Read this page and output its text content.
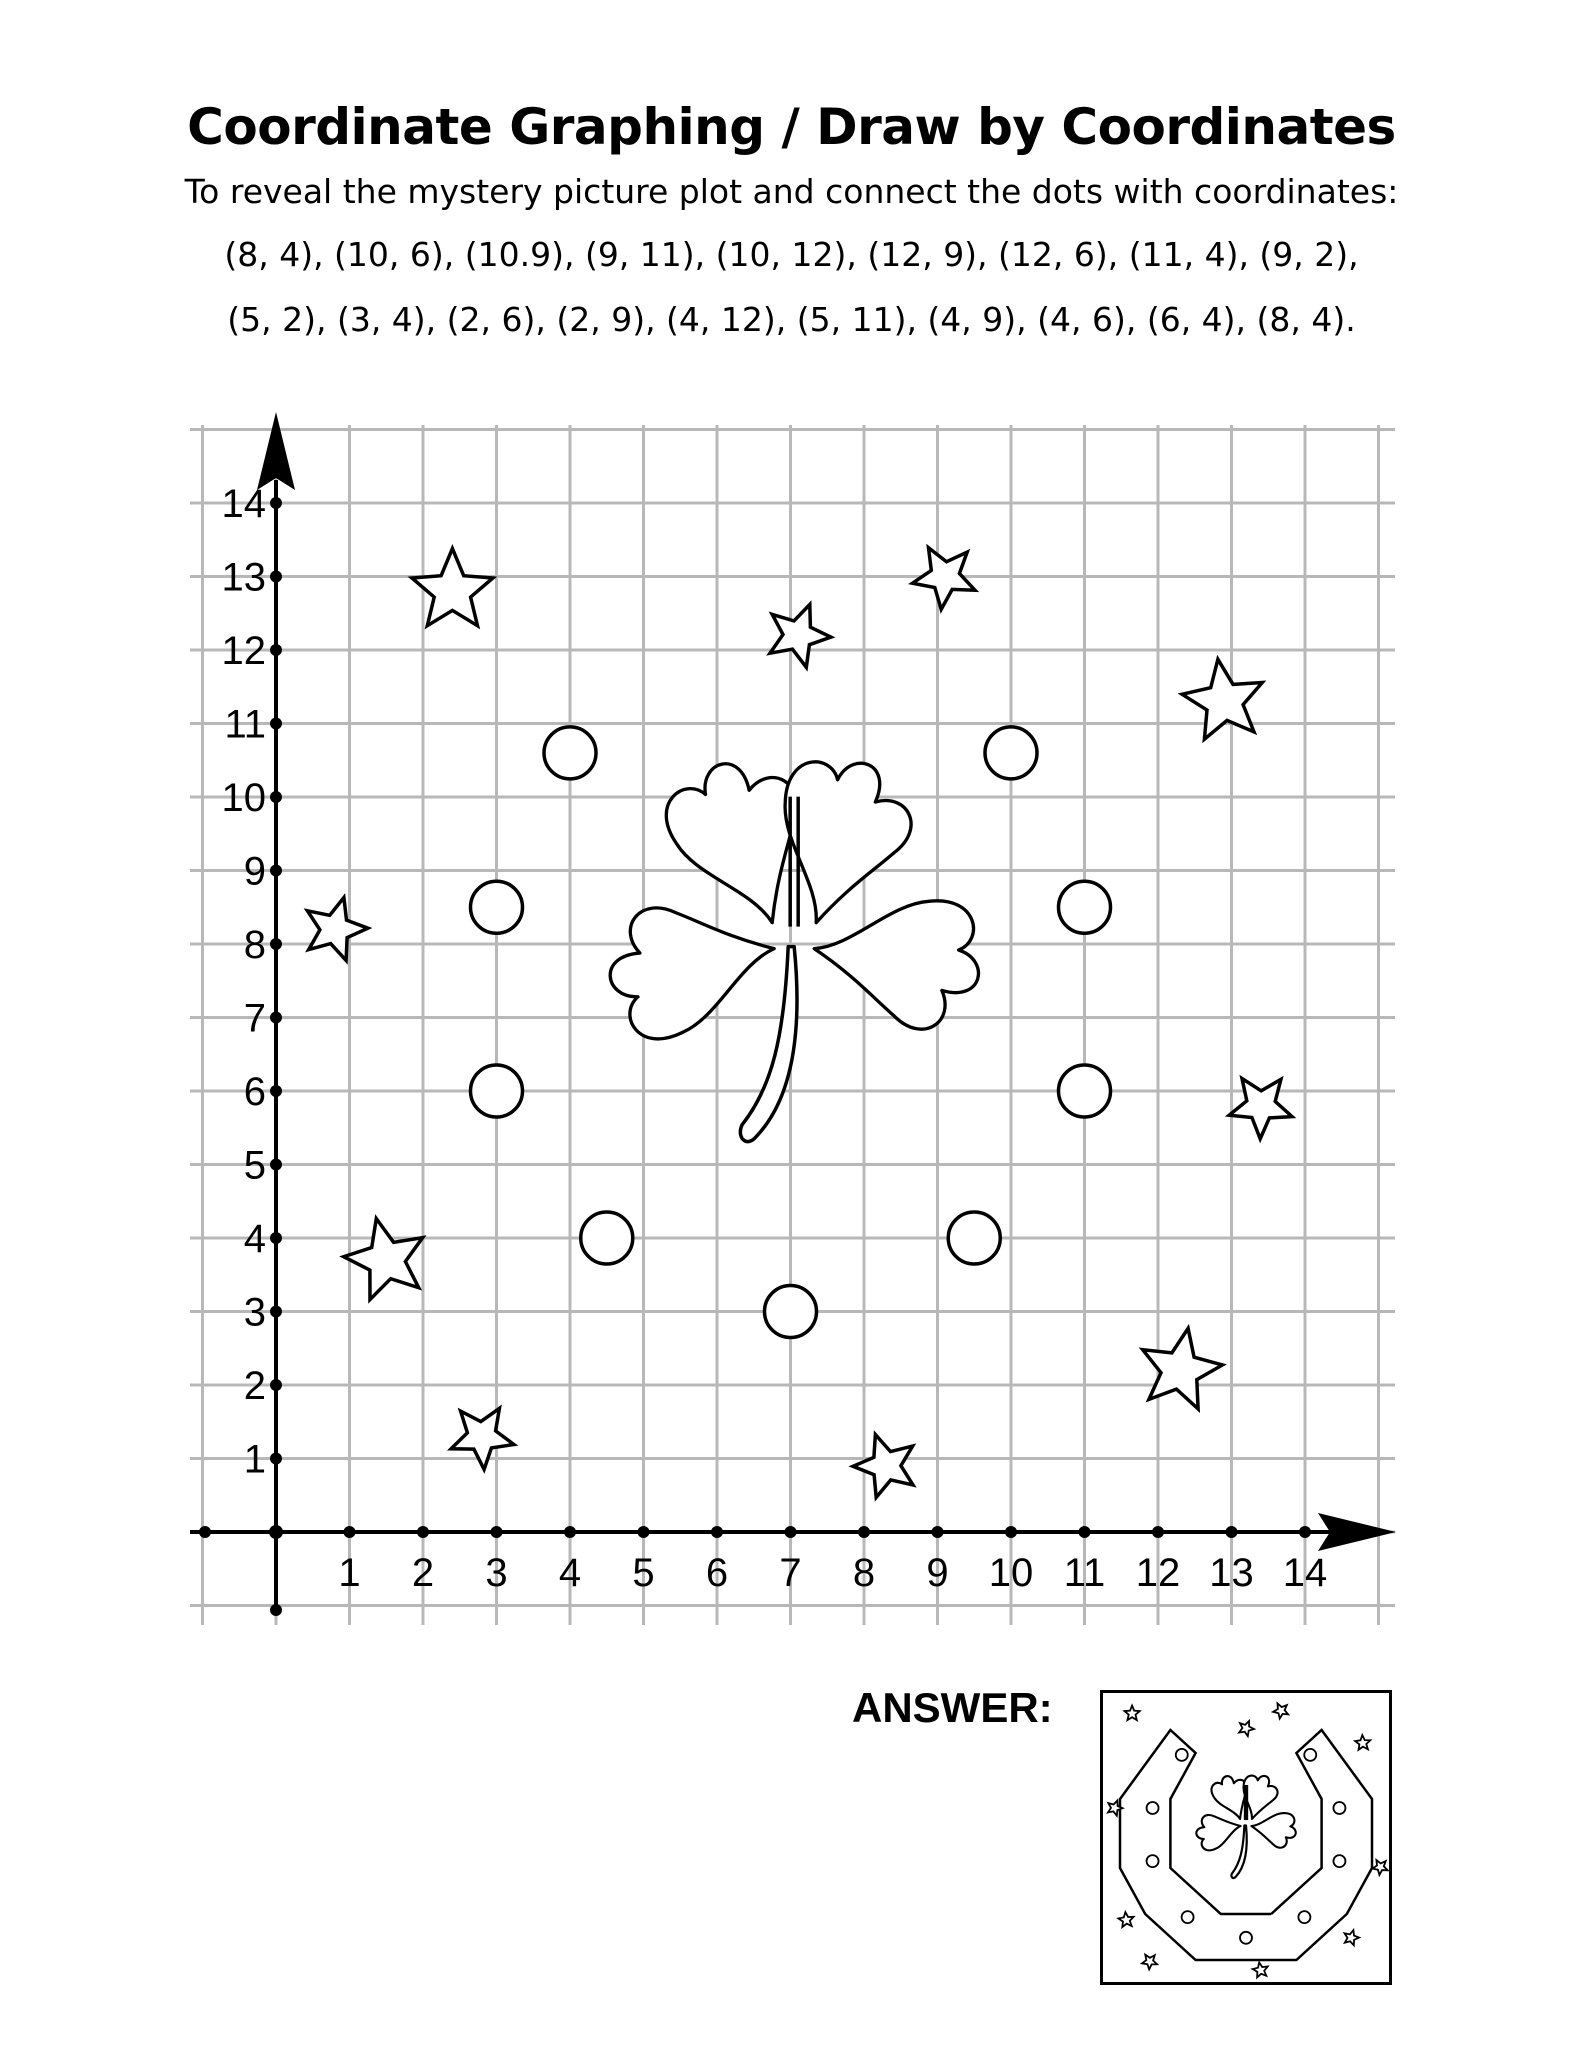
Coordinate Graphing / Draw by Coordinates
To reveal the mystery picture plot and connect the dots with coordinates:
(8, 4), (10, 6), (10.9), (9, 11), (10, 12), (12, 9), (12, 6), (11, 4), (9, 2),
(5, 2), (3, 4), (2, 6), (2, 9), (4, 12), (5, 11), (4, 9), (4, 6), (6, 4), (8, 4).
1 2 3 4 5 6 7 8 9 10 11 12 13 14
1
2
3
4
5
6
7
8
9
10
11
12
13
14
ANSWER:
